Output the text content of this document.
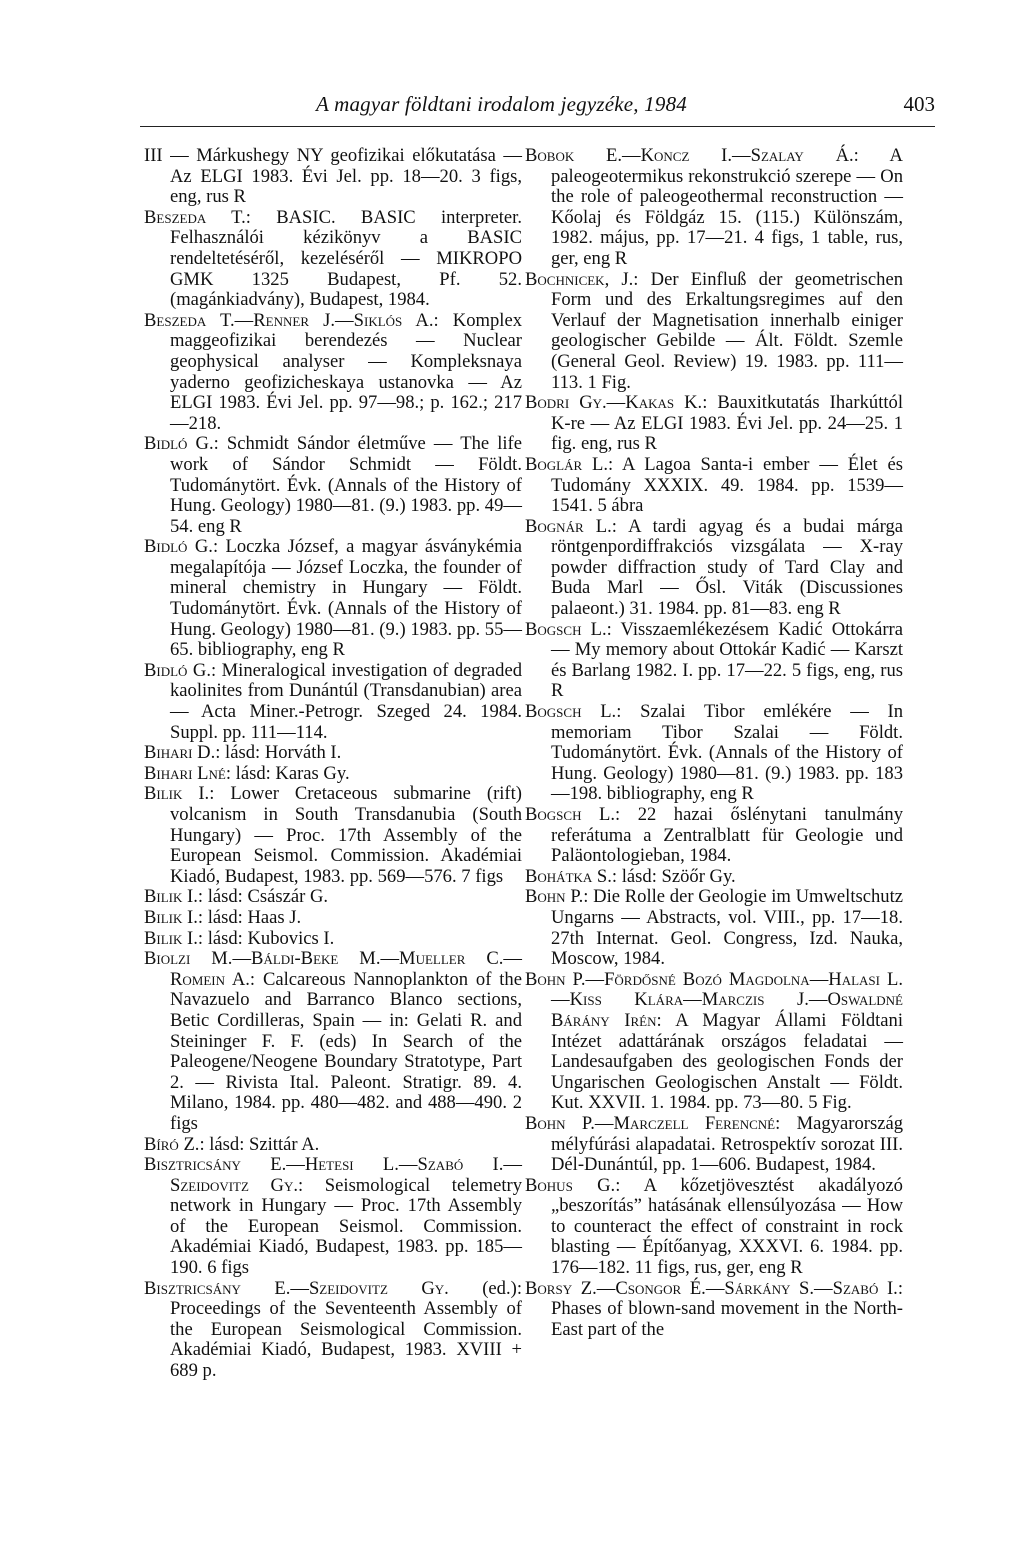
A magyar földtani irodalom jegyzéke, 1984	403

III — Márkushegy NY geofizikai előkutatása — Az ELGI 1983. Évi Jel. pp. 18—20. 3 figs, eng, rus R

Beszeda T.: BASIC. BASIC interpreter. Felhasználói kézikönyv a BASIC rendeltetéséről, kezeléséről — MIKROPO GMK 1325 Budapest, Pf. 52. (magánkiadvány), Budapest, 1984.

Beszeda T.—Renner J.—Siklós A.: Komplex maggeofizikai berendezés — Nuclear geophysical analyser — Kompleksnaya yaderno geofizicheskaya ustanovka — Az ELGI 1983. Évi Jel. pp. 97—98.; p. 162.; 217—218.

Bidló G.: Schmidt Sándor életműve — The life work of Sándor Schmidt — Földt. Tudománytört. Évk. (Annals of the History of Hung. Geology) 1980—81. (9.) 1983. pp. 49—54. eng R

Bidló G.: Loczka József, a magyar ásványkémia megalapítója — József Loczka, the founder of mineral chemistry in Hungary — Földt. Tudománytört. Évk. (Annals of the History of Hung. Geology) 1980—81. (9.) 1983. pp. 55—65. bibliography, eng R

Bidló G.: Mineralogical investigation of degraded kaolinites from Dunántúl (Transdanubian) area — Acta Miner.-Petrogr. Szeged 24. 1984. Suppl. pp. 111—114.

Bihari D.: lásd: Horváth I.

Bihari Lné: lásd: Karas Gy.

Bilik I.: Lower Cretaceous submarine (rift) volcanism in South Transdanubia (South Hungary) — Proc. 17th Assembly of the European Seismol. Commission. Akadémiai Kiadó, Budapest, 1983. pp. 569—576. 7 figs

Bilik I.: lásd: Császár G.

Bilik I.: lásd: Haas J.

Bilik I.: lásd: Kubovics I.

Biolzi M.—Báldi-Beke M.—Mueller C.—Romein A.: Calcareous Nannoplankton of the Navazuelo and Barranco Blanco sections, Betic Cordilleras, Spain — in: Gelati R. and Steininger F. F. (eds) In Search of the Paleogene/Neogene Boundary Stratotype, Part 2. — Rivista Ital. Paleont. Stratigr. 89. 4. Milano, 1984. pp. 480—482. and 488—490. 2 figs

Bíró Z.: lásd: Szittár A.

Bisztricsány E.—Hetesi L.—Szabó I.—Szeidovitz Gy.: Seismological telemetry network in Hungary — Proc. 17th Assembly of the European Seismol. Commission. Akadémiai Kiadó, Budapest, 1983. pp. 185—190. 6 figs

Bisztricsány E.—Szeidovitz Gy. (ed.): Proceedings of the Seventeenth Assembly of the European Seismological Commission. Akadémiai Kiadó, Budapest, 1983. XVIII + 689 p.

Bobok E.—Koncz I.—Szalay Á.: A paleogeotermikus rekonstrukció szerepe — On the role of paleogeothermal reconstruction — Kőolaj és Földgáz 15. (115.) Különszám, 1982. május, pp. 17—21. 4 figs, 1 table, rus, ger, eng R

Bochnicek, J.: Der Einfluß der geometrischen Form und des Erkaltungsregimes auf den Verlauf der Magnetisation innerhalb einiger geologischer Gebilde — Ált. Földt. Szemle (General Geol. Review) 19. 1983. pp. 111—113. 1 Fig.

Bodri Gy.—Kakas K.: Bauxitkutatás Iharkúttól K-re — Az ELGI 1983. Évi Jel. pp. 24—25. 1 fig. eng, rus R

Boglár L.: A Lagoa Santa-i ember — Élet és Tudomány XXXIX. 49. 1984. pp. 1539—1541. 5 ábra

Bognár L.: A tardi agyag és a budai márga röntgenpordiffrakciós vizsgálata — X-ray powder diffraction study of Tard Clay and Buda Marl — Ősl. Viták (Discussiones palaeont.) 31. 1984. pp. 81—83. eng R

Bogsch L.: Visszaemlékezésem Kadić Ottokárra — My memory about Ottokár Kadić — Karszt és Barlang 1982. I. pp. 17—22. 5 figs, eng, rus R

Bogsch L.: Szalai Tibor emlékére — In memoriam Tibor Szalai — Földt. Tudománytört. Évk. (Annals of the History of Hung. Geology) 1980—81. (9.) 1983. pp. 183—198. bibliography, eng R

Bogsch L.: 22 hazai őslénytani tanulmány referátuma a Zentralblatt für Geologie und Paläontologieban, 1984.

Bohátka S.: lásd: Szöőr Gy.

Bohn P.: Die Rolle der Geologie im Umweltschutz Ungarns — Abstracts, vol. VIII., pp. 17—18. 27th Internat. Geol. Congress, Izd. Nauka, Moscow, 1984.

Bohn P.—Fördősné Bozó Magdolna—Halasi L.—Kiss Klára—Marczis J.—Oswaldné Bárány Irén: A Magyar Állami Földtani Intézet adattárának országos feladatai — Landesaufgaben des geologischen Fonds der Ungarischen Geologischen Anstalt — Földt. Kut. XXVII. 1. 1984. pp. 73—80. 5 Fig.

Bohn P.—Marczell Ferencné: Magyarország mélyfúrási alapadatai. Retrospektív sorozat III. Dél-Dunántúl, pp. 1—606. Budapest, 1984.

Bohus G.: A kőzetjövesztést akadályozó „beszorítás” hatásának ellensúlyozása — How to counteract the effect of constraint in rock blasting — Építőanyag, XXXVI. 6. 1984. pp. 176—182. 11 figs, rus, ger, eng R

Borsy Z.—Csongor É.—Sárkány S.—Szabó I.: Phases of blown-sand movement in the North-East part of the
